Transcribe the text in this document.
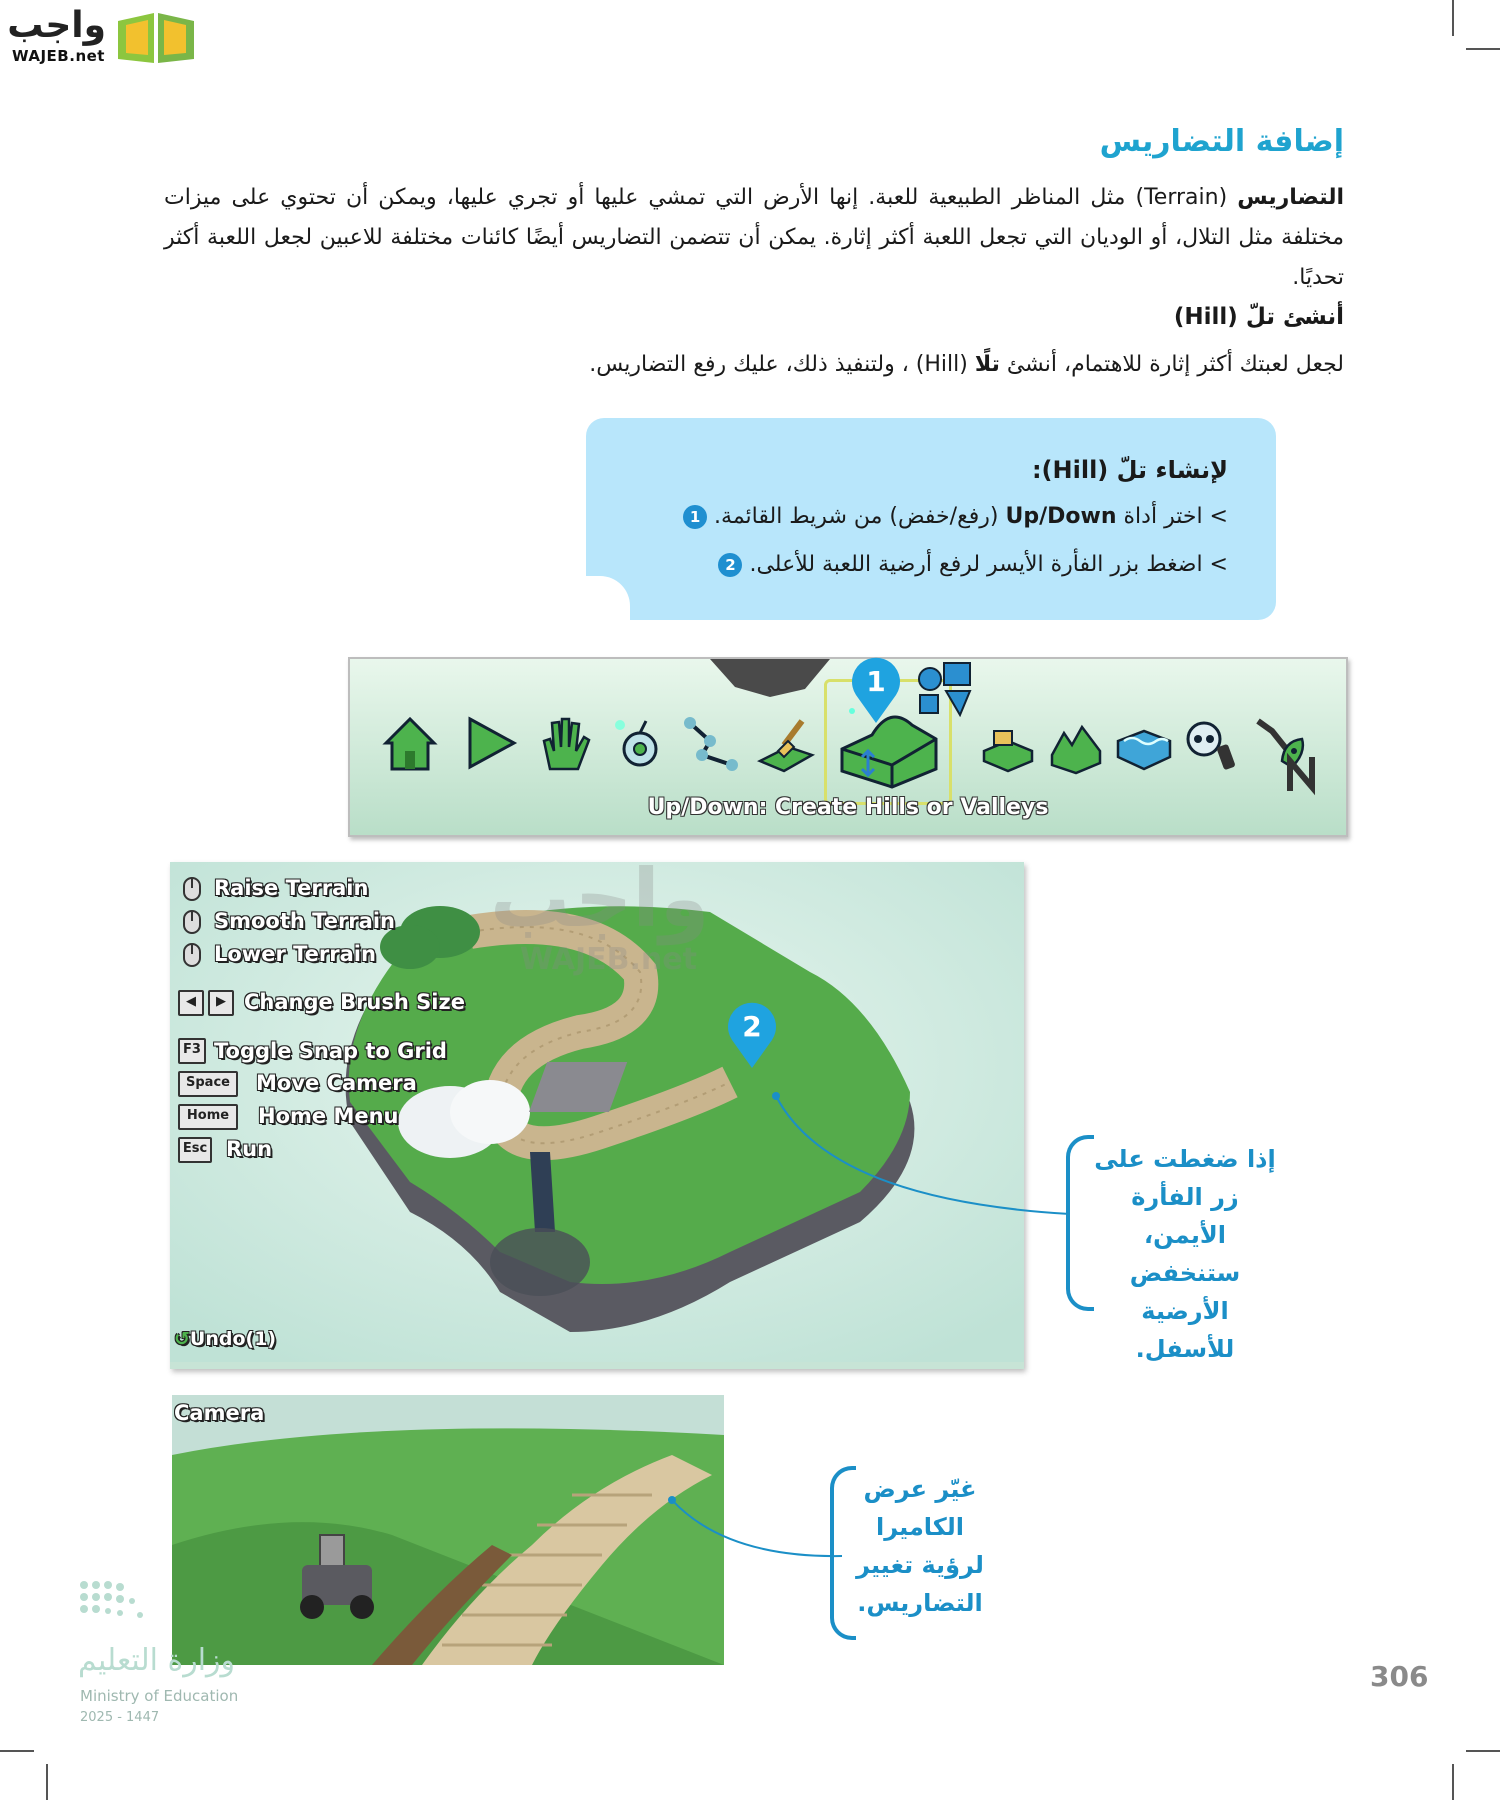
واجب
WAJEB.net
إضافة التضاريس
التضاريس (Terrain) مثل المناظر الطبيعية للعبة. إنها الأرض التي تمشي عليها أو تجري عليها، ويمكن أن تحتوي على ميزات مختلفة مثل التلال، أو الوديان التي تجعل اللعبة أكثر إثارة. يمكن أن تتضمن التضاريس أيضًا كائنات مختلفة للاعبين لجعل اللعبة أكثر تحديًا.
أنشئ تلّ (Hill)
لجعل لعبتك أكثر إثارة للاهتمام، أنشئ تلًا (Hill) ، ولتنفيذ ذلك، عليك رفع التضاريس.
لإنشاء تلّ (Hill):
> اختر أداة Up/Down (رفع/خفض) من شريط القائمة. 1
> اضغط بزر الفأرة الأيسر لرفع أرضية اللعبة للأعلى. 2
1
Up/Down: Create Hills or Valleys
واجب
WAJEB.net
Raise Terrain
Smooth Terrain
Lower Terrain
◀	▶ Change Brush Size
F3 Toggle Snap to Grid
Space	Move Camera
Home	Home Menu
Esc Run
↺Undo(1)
2
إذا ضغطت على
زر الفأرة الأيمن،
ستنخفض
الأرضية للأسفل.
Camera
غيّر عرض
الكاميرا
لرؤية تغيير
التضاريس.
وزارة التعليم
Ministry of Education
2025 - 1447
306
